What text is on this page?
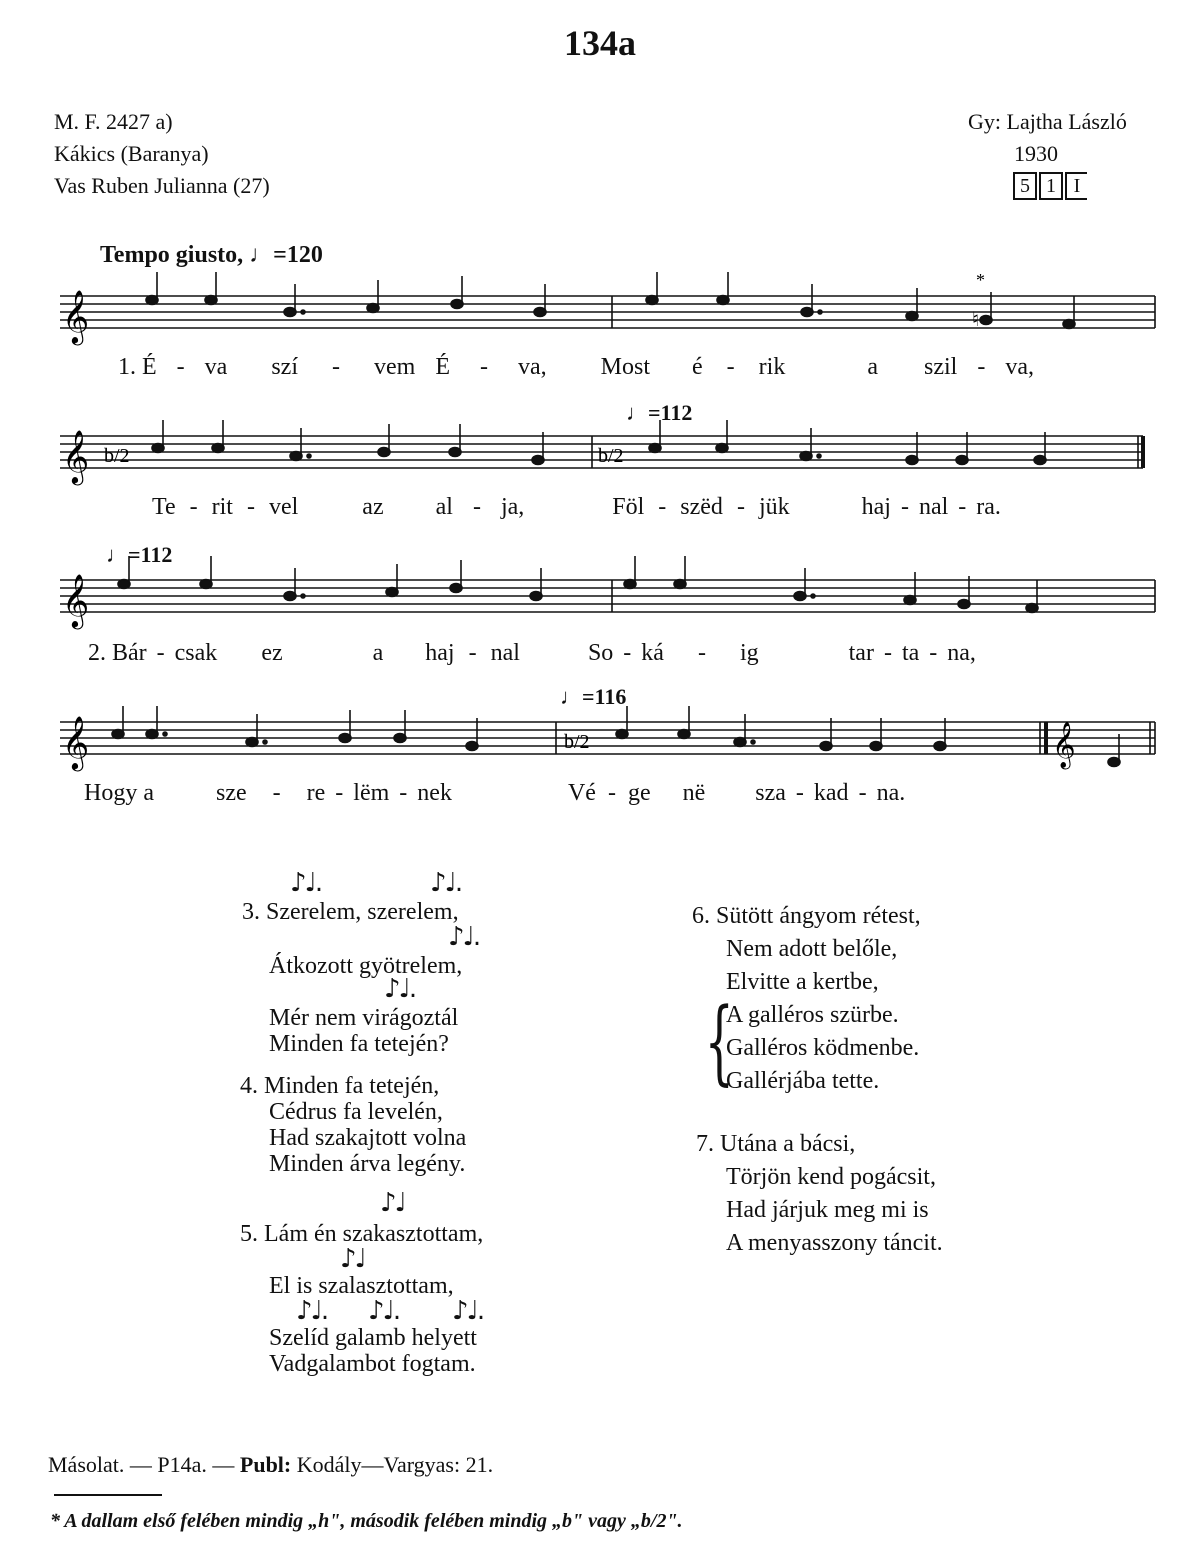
134a
M. F. 2427 a)
Kákics (Baranya)
Vas Ruben Julianna (27)
Gy: Lajtha László
1930
5 1 I
Tempo giusto, ♩=120
𝄞	♮
*
1. É - va szí - vem É - va, Most é - rik	a szil - va,
♩=112
𝄞 b/2	b/2
Te - rit - vel	az al - ja,	Föl - szëd - jük	haj - nal - ra.
♩=112
𝄞
2. Bár - csak ez	a haj - nal	So - ká - ig	tar - ta - na,
♩=116
𝄞	𝄞
b/2
Hogy a	sze - re - lëm - nek	Vé - ge në sza - kad - na.
♪♩.	♪♩.
♪♩.
♪♩.
♪♩
♪♩
♪♩. ♪♩. ♪♩.
3. Szerelem, szerelem,
Átkozott gyötrelem,
Mér nem virágoztál
Minden fa tetején?
4. Minden fa tetején,
Cédrus fa levelén,
Had szakajtott volna
Minden árva legény.
5. Lám én szakasztottam,
El is szalasztottam,
Szelíd galamb helyett
Vadgalambot fogtam.
6. Sütött ángyom rétest,
Nem adott belőle,
Elvitte a kertbe,
A galléros szürbe.
Galléros ködmenbe.
Gallérjába tette.
{
7. Utána a bácsi,
Törjön kend pogácsit,
Had járjuk meg mi is
A menyasszony táncit.
Másolat. — P14a. — Publ: Kodály—Vargyas: 21.
* A dallam első felében mindig „h", második felében mindig „b" vagy „b/2".
